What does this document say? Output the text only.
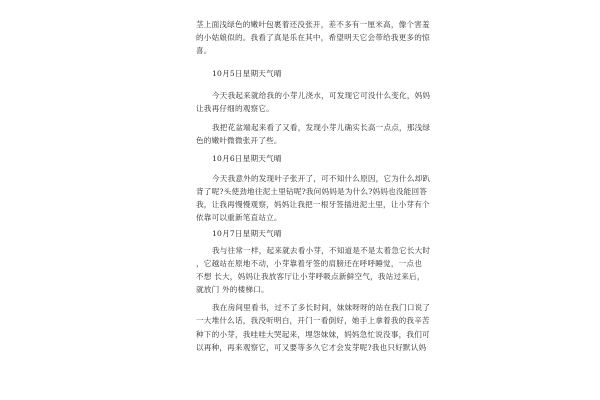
茎上面浅绿色的嫩叶包裹着还没张开，差不多有一厘米高，像个害羞
的小姑娘似的。我看了真是乐在其中，希望明天它会带给我更多的惊
喜。
10月5日星期天气晴
今天我起来就给我的小芽儿浇水，可发现它可没什么变化，妈妈
让我再仔细的观察它。
我把花盆端起来看了又看，发现小芽儿确实长高一点点，那浅绿
色的嫩叶微微张开了些。
10月6日星期天气晴
今天我意外的发现叶子张开了，可不知什么原因，它为什么却趴
背了呢?头使劲地往泥土里钻呢?我问妈妈是为什么?妈妈也没能回答
我，让我再慢慢观察，妈妈让我把一根牙签插进泥土里，让小芽有个
依靠可以重新笔直站立。
10月7日星期天气晴
我与往常一样，起来就去看小芽，不知道是不是太着急它长大时
，它越站在原地不动，小芽靠着牙签的肩膀还在呼呼睡觉，一点也
不想 长大，妈妈让我放客厅让小芽呼吸点新鲜空气，我站过来后，
就放门 外的楼梯口。
我在房间里看书，过不了多长时间，妹妹呀呀的站在我门口说了
一大堆什么话，我没听明白，开门一看倒好，她手上拿着我的我辛苦
种下的小芽，我哇哇大哭起来，埋怨妹妹，妈妈急忙说没事，我们可
以再种，再来观察它，可又要等多久它才会发芽呢?我也只好默认妈
